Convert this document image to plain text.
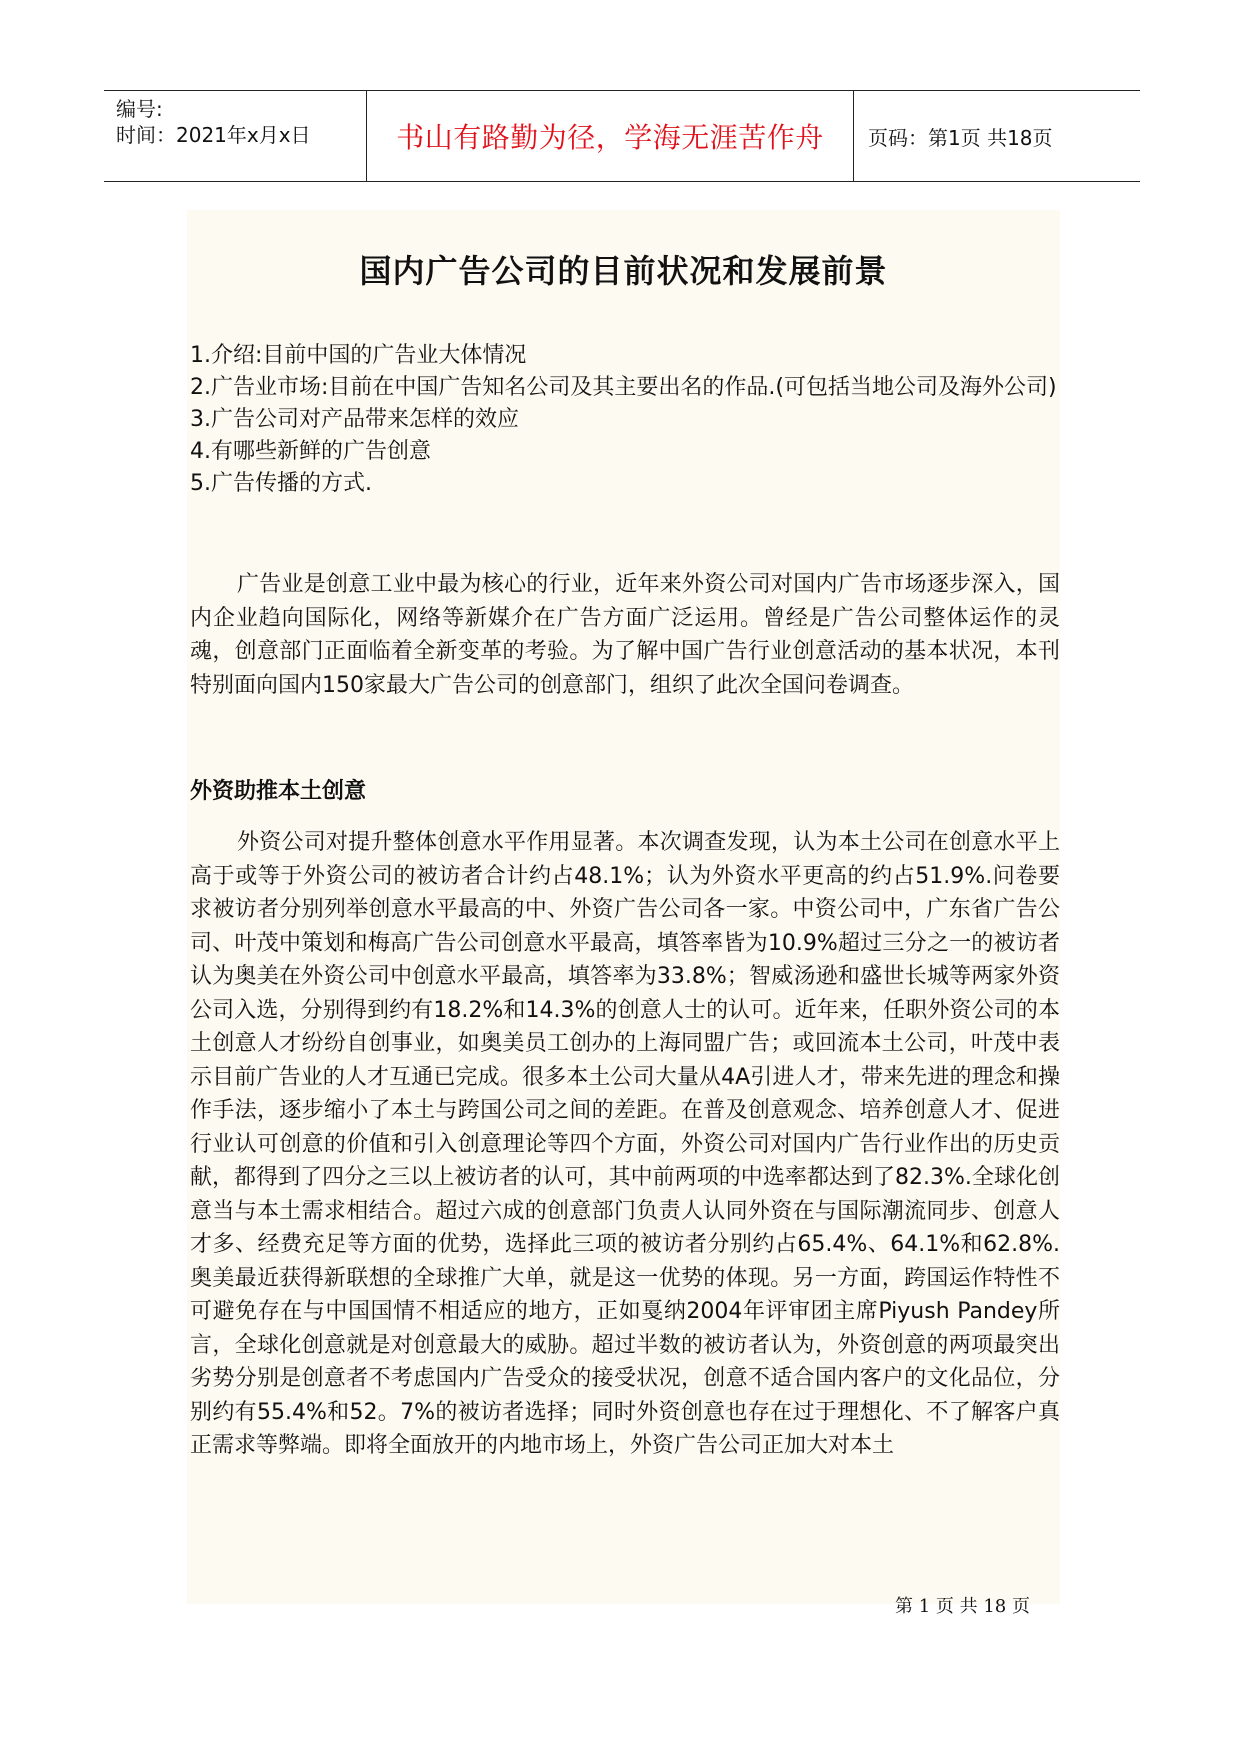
编号:
时间：2021年x月x日	书山有路勤为径，学海无涯苦作舟 页码：第1页 共18页
国内广告公司的目前状况和发展前景

1.介绍:目前中国的广告业大体情况

2.广告业市场:目前在中国广告知名公司及其主要出名的作品.(可包括当地公司及海外公司)

3.广告公司对产品带来怎样的效应

4.有哪些新鲜的广告创意

5.广告传播的方式.

广告业是创意工业中最为核心的行业，近年来外资公司对国内广告市场逐步深入，国内企业趋向国际化，网络等新媒介在广告方面广泛运用。曾经是广告公司整体运作的灵魂，创意部门正面临着全新变革的考验。为了解中国广告行业创意活动的基本状况，本刊特别面向国内150家最大广告公司的创意部门，组织了此次全国问卷调查。

外资助推本土创意

外资公司对提升整体创意水平作用显著。本次调查发现，认为本土公司在创意水平上高于或等于外资公司的被访者合计约占48.1%；认为外资水平更高的约占51.9%.问卷要求被访者分别列举创意水平最高的中、外资广告公司各一家。中资公司中，广东省广告公司、叶茂中策划和梅高广告公司创意水平最高，填答率皆为10.9%超过三分之一的被访者认为奥美在外资公司中创意水平最高，填答率为33.8%；智威汤逊和盛世长城等两家外资公司入选，分别得到约有18.2%和14.3%的创意人士的认可。近年来，任职外资公司的本土创意人才纷纷自创事业，如奥美员工创办的上海同盟广告；或回流本土公司，叶茂中表示目前广告业的人才互通已完成。很多本土公司大量从4A引进人才，带来先进的理念和操作手法，逐步缩小了本土与跨国公司之间的差距。在普及创意观念、培养创意人才、促进行业认可创意的价值和引入创意理论等四个方面，外资公司对国内广告行业作出的历史贡献，都得到了四分之三以上被访者的认可，其中前两项的中选率都达到了82.3%.全球化创意当与本土需求相结合。超过六成的创意部门负责人认同外资在与国际潮流同步、创意人才多、经费充足等方面的优势，选择此三项的被访者分别约占65.4%、64.1%和62.8%.奥美最近获得新联想的全球推广大单，就是这一优势的体现。另一方面，跨国运作特性不可避免存在与中国国情不相适应的地方，正如戛纳2004年评审团主席Piyush Pandey所言，全球化创意就是对创意最大的威胁。超过半数的被访者认为，外资创意的两项最突出劣势分别是创意者不考虑国内广告受众的接受状况，创意不适合国内客户的文化品位，分别约有55.4%和52。7%的被访者选择；同时外资创意也存在过于理想化、不了解客户真正需求等弊端。即将全面放开的内地市场上，外资广告公司正加大对本土

第 1 页 共 18 页
